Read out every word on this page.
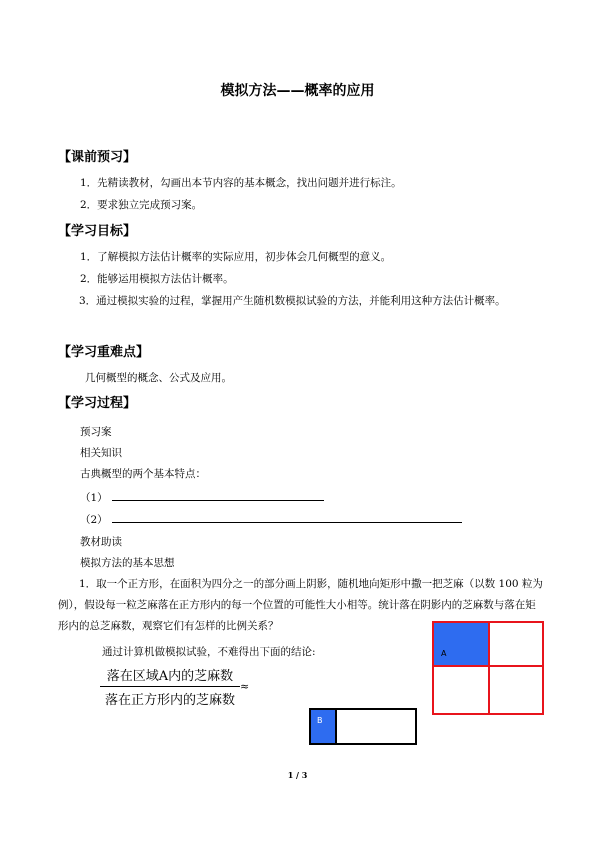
模拟方法——概率的应用
【课前预习】
1．先精读教材，勾画出本节内容的基本概念，找出问题并进行标注。
2．要求独立完成预习案。
【学习目标】
1．了解模拟方法估计概率的实际应用，初步体会几何概型的意义。
2．能够运用模拟方法估计概率。
3．通过模拟实验的过程，掌握用产生随机数模拟试验的方法，并能利用这种方法估计概率。
【学习重难点】
几何概型的概念、公式及应用。
【学习过程】
预习案
相关知识
古典概型的两个基本特点：
（1）
（2）
教材助读
模拟方法的基本思想
1．取一个正方形，在面积为四分之一的部分画上阴影，随机地向矩形中撒一把芝麻（以数 100 粒为例），假设每一粒芝麻落在正方形内的每一个位置的可能性大小相等。统计落在阴影内的芝麻数与落在矩形内的总芝麻数，观察它们有怎样的比例关系？
通过计算机做模拟试验，不难得出下面的结论:
落在区域A内的芝麻数
落在正方形内的芝麻数
≈
A
B
1 / 3
